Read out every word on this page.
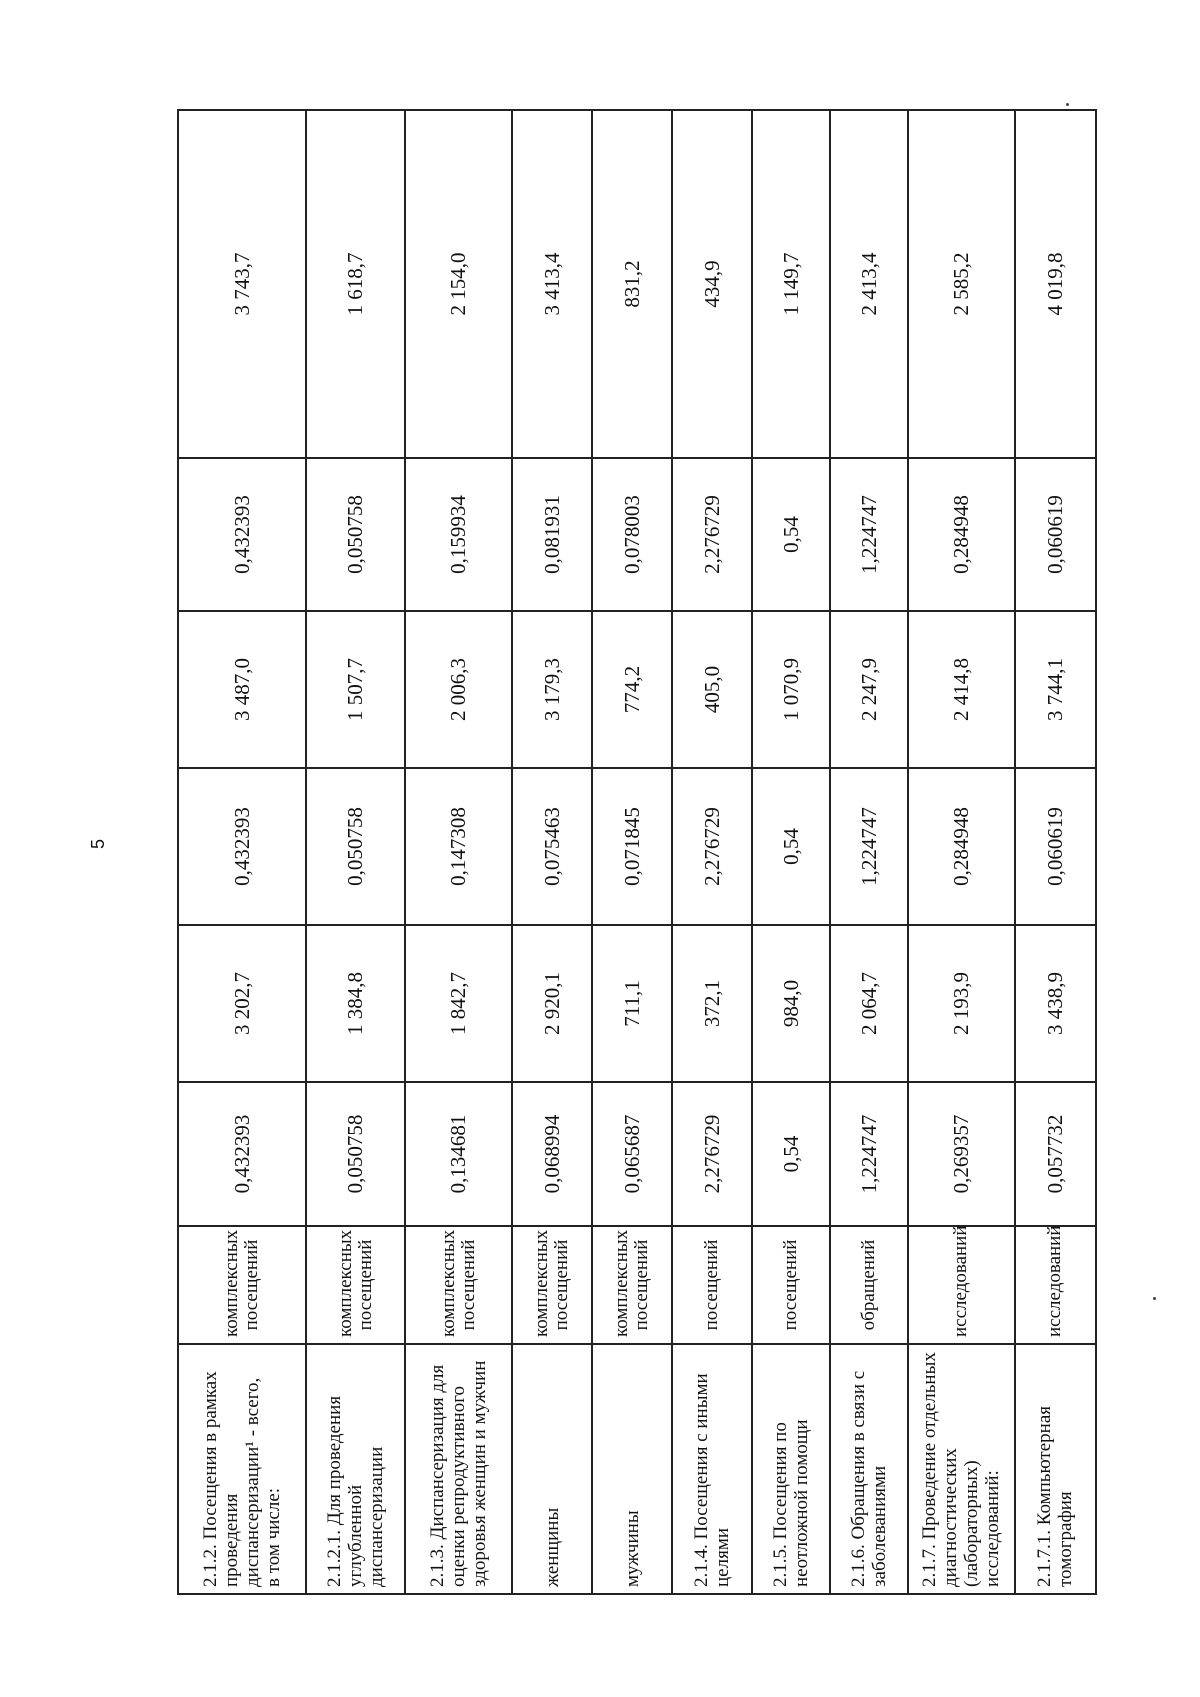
5
2.1.2. Посещения в рамках проведения диспансеризации¹ - всего, в том числе:	комплексных посещений	0,432393	3 202,7	0,432393	3 487,0	0,432393	3 743,7
2.1.2.1. Для проведения углубленной диспансеризации	комплексных посещений	0,050758	1 384,8	0,050758	1 507,7	0,050758	1 618,7
2.1.3. Диспансеризация для оценки репродуктивного здоровья женщин и мужчин	комплексных посещений	0,134681	1 842,7	0,147308	2 006,3	0,159934	2 154,0
женщины	комплексных посещений	0,068994	2 920,1	0,075463	3 179,3	0,081931	3 413,4
мужчины	комплексных посещений	0,065687	711,1	0,071845	774,2	0,078003	831,2
2.1.4. Посещения с иными целями	посещений	2,276729	372,1	2,276729	405,0	2,276729	434,9
2.1.5. Посещения по неотложной помощи	посещений	0,54	984,0	0,54	1 070,9	0,54	1 149,7
2.1.6. Обращения в связи с заболеваниями	обращений	1,224747	2 064,7	1,224747	2 247,9	1,224747	2 413,4
2.1.7. Проведение отдельных диагностических (лабораторных) исследований:	исследований	0,269357	2 193,9	0,284948	2 414,8	0,284948	2 585,2
2.1.7.1. Компьютерная томография	исследований	0,057732	3 438,9	0,060619	3 744,1	0,060619	4 019,8
